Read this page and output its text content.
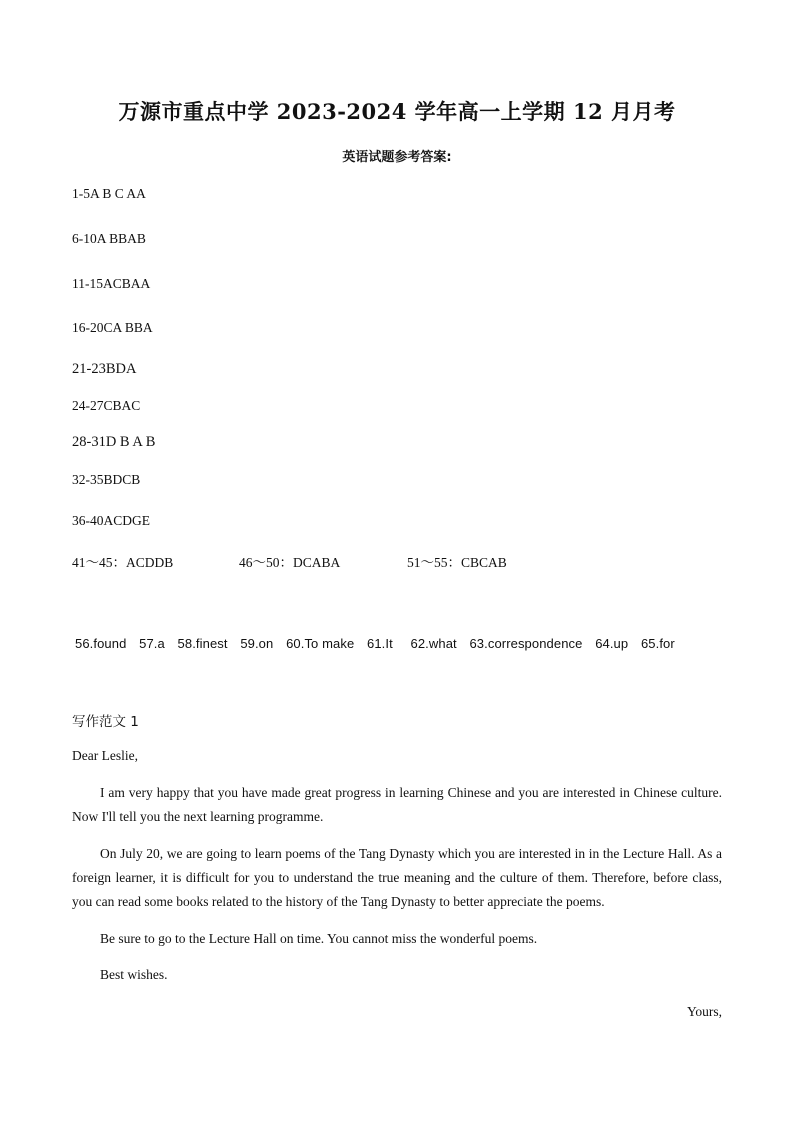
万源市重点中学 2023-2024 学年高一上学期 12 月月考
英语试题参考答案:
1-5A B C AA
6-10A BBAB
11-15ACBAA
16-20CA BBA
21-23BDA
24-27CBAC
28-31D B A B
32-35BDCB
36-40ACDGE
41～45：ACDDB	46～50：DCABA	51～55：CBCAB
56.found 57.a 58.finest 59.on 60.To make 61.It 62.what 63.correspondence 64.up 65.for
写作范文 1

Dear Leslie,

I am very happy that you have made great progress in learning Chinese and you are interested in Chinese culture. Now I'll tell you the next learning programme.

On July 20, we are going to learn poems of the Tang Dynasty which you are interested in in the Lecture Hall. As a foreign learner, it is difficult for you to understand the true meaning and the culture of them. Therefore, before class, you can read some books related to the history of the Tang Dynasty to better appreciate the poems.

Be sure to go to the Lecture Hall on time. You cannot miss the wonderful poems.

Best wishes.

Yours,
